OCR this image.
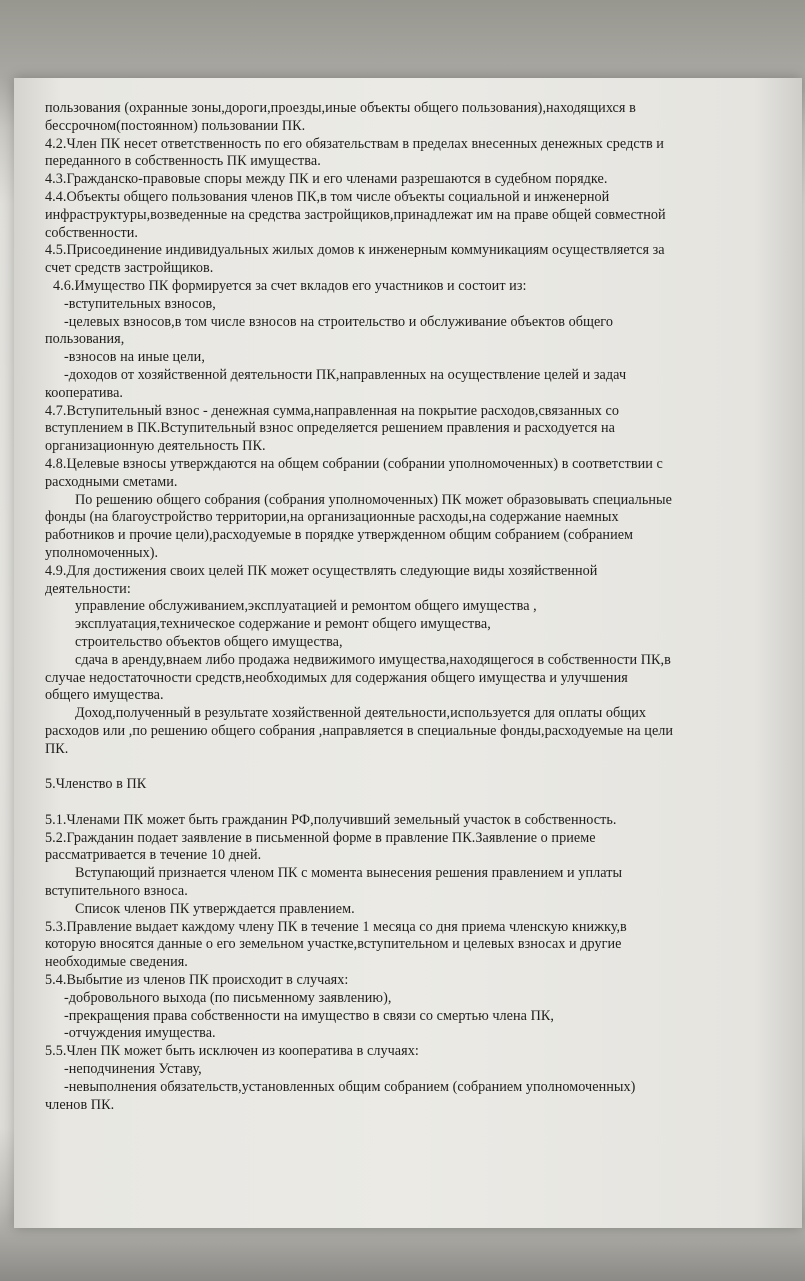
пользования (охранные зоны,дороги,проезды,иные объекты общего пользования),находящихся в
бессрочном(постоянном) пользовании ПК.
4.2.Член ПК несет ответственность по его обязательствам в пределах внесенных денежных средств и
переданного в собственность ПК имущества.
4.3.Гражданско-правовые споры между ПК и его членами разрешаются в судебном порядке.
4.4.Объекты общего пользования членов ПК,в том числе объекты социальной и инженерной
инфраструктуры,возведенные на средства застройщиков,принадлежат им на праве общей совместной
собственности.
4.5.Присоединение индивидуальных жилых домов к инженерным коммуникациям осуществляется за
счет средств застройщиков.
4.6.Имущество ПК формируется за счет вкладов его участников и состоит из:
-вступительных взносов,
-целевых взносов,в том числе взносов на строительство и обслуживание объектов общего
пользования,
-взносов на иные цели,
-доходов от хозяйственной деятельности ПК,направленных на осуществление целей и задач
кооператива.
4.7.Вступительный взнос - денежная сумма,направленная на покрытие расходов,связанных со
вступлением в ПК.Вступительный взнос определяется решением правления и расходуется на
организационную деятельность ПК.
4.8.Целевые взносы утверждаются на общем собрании (собрании уполномоченных) в соответствии с
расходными сметами.
По решению общего собрания (собрания уполномоченных) ПК может образовывать специальные
фонды (на благоустройство территории,на организационные расходы,на содержание наемных
работников и прочие цели),расходуемые в порядке утвержденном общим собранием (собранием
уполномоченных).
4.9.Для достижения своих целей ПК может осуществлять следующие виды хозяйственной
деятельности:
управление обслуживанием,эксплуатацией и ремонтом общего имущества ,
эксплуатация,техническое содержание и ремонт общего имущества,
строительство объектов общего имущества,
сдача в аренду,внаем либо продажа недвижимого имущества,находящегося в собственности ПК,в
случае недостаточности средств,необходимых для содержания общего имущества и улучшения
общего имущества.
Доход,полученный в результате хозяйственной деятельности,используется для оплаты общих
расходов или ,по решению общего собрания ,направляется в специальные фонды,расходуемые на цели
ПК.
5.Членство в ПК
5.1.Членами ПК может быть гражданин РФ,получивший земельный участок в собственность.
5.2.Гражданин подает заявление в письменной форме в правление ПК.Заявление о приеме
рассматривается в течение 10 дней.
Вступающий признается членом ПК с момента вынесения решения правлением и уплаты
вступительного взноса.
Список членов ПК утверждается правлением.
5.3.Правление выдает каждому члену ПК в течение 1 месяца со дня приема членскую книжку,в
которую вносятся данные о его земельном участке,вступительном и целевых взносах и другие
необходимые сведения.
5.4.Выбытие из членов ПК происходит в случаях:
-добровольного выхода (по письменному заявлению),
-прекращения права собственности на имущество в связи со смертью члена ПК,
-отчуждения имущества.
5.5.Член ПК может быть исключен из кооператива в случаях:
-неподчинения Уставу,
-невыполнения обязательств,установленных общим собранием (собранием уполномоченных)
членов ПК.
